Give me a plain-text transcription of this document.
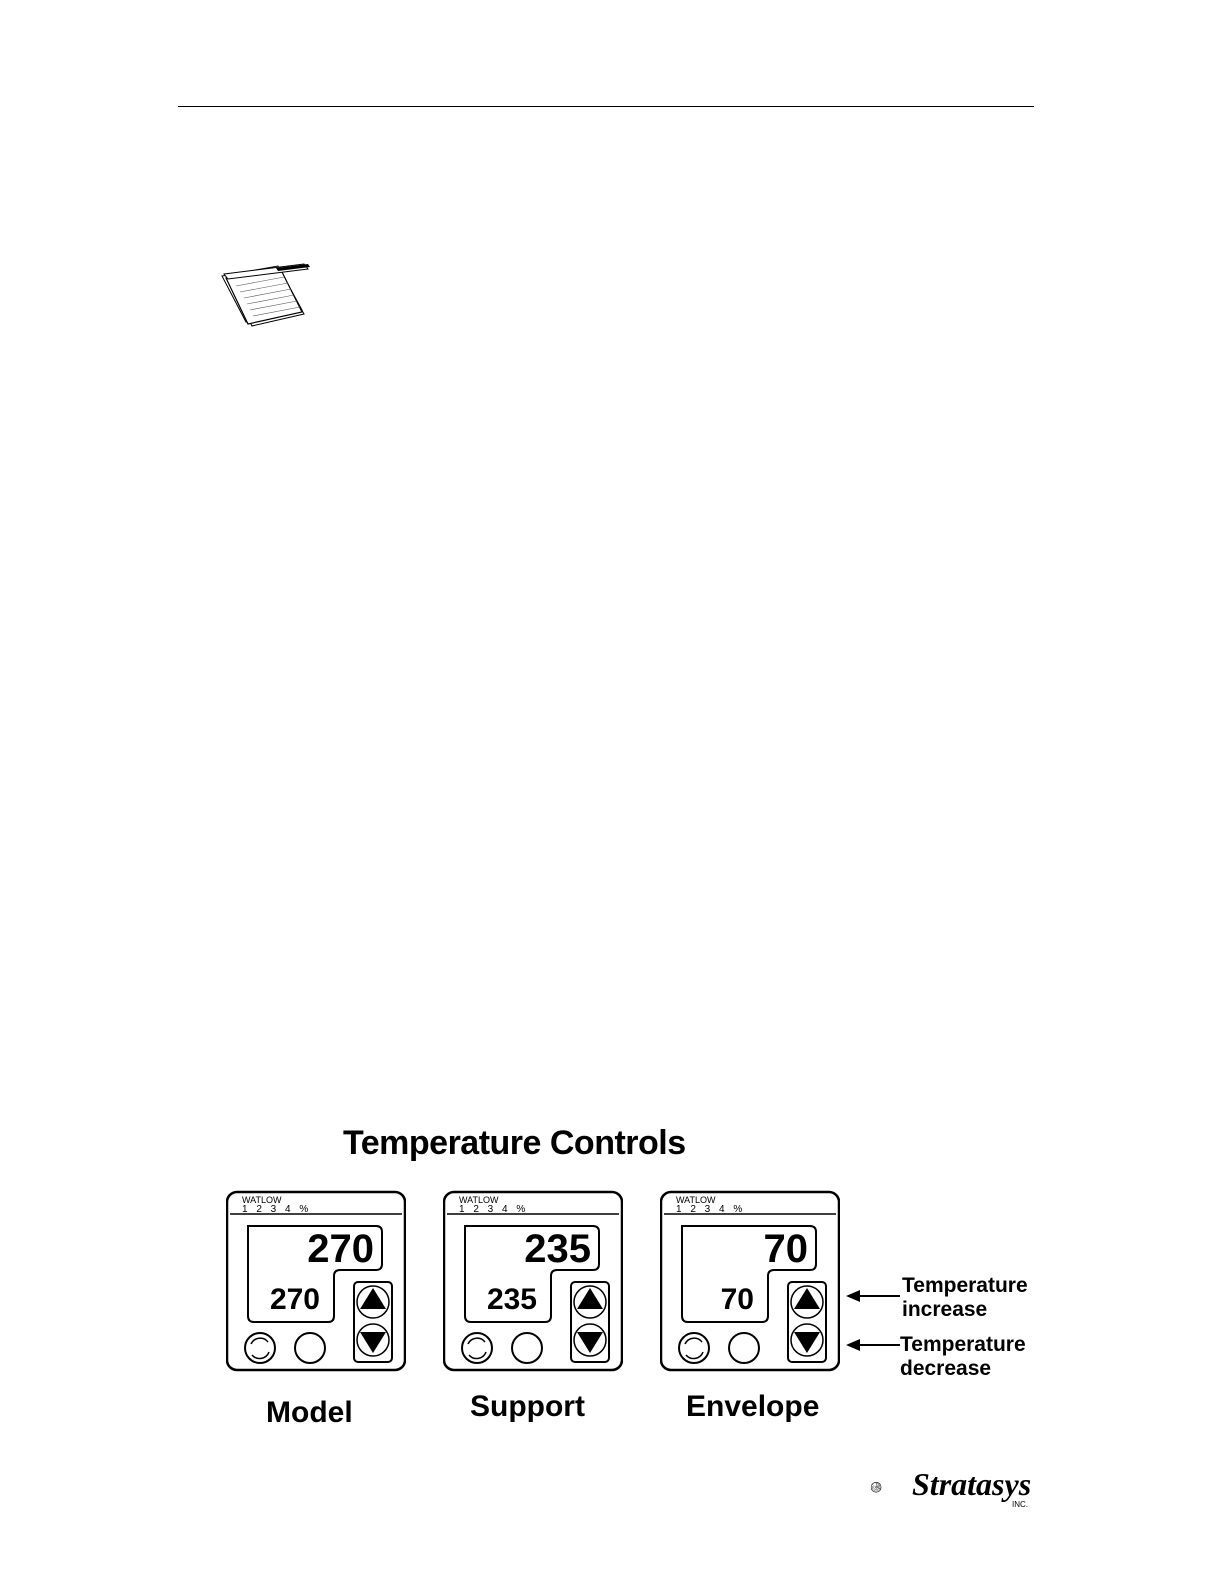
Temperature Controls
WATLOW
1 2 3 4 %
270
270
Model
WATLOW
1 2 3 4 %
235
235
Support
WATLOW
1 2 3 4 %
70
70
Envelope
Temperature
increase
Temperature
decrease
Stratasys
INC.
